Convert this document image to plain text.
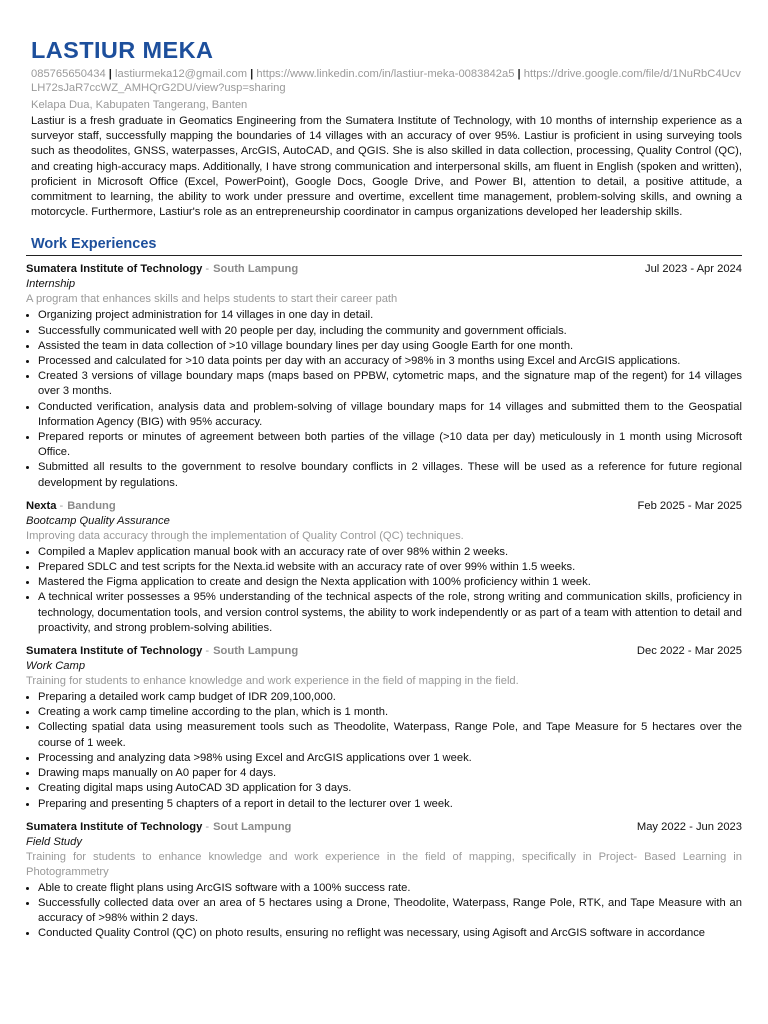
LASTIUR MEKA
085765650434 | lastiurmeka12@gmail.com | https://www.linkedin.com/in/lastiur-meka-0083842a5 | https://drive.google.com/file/d/1NuRbC4UcvLH72sJaR7ccWZ_AMHQrG2DU/view?usp=sharing
Kelapa Dua, Kabupaten Tangerang, Banten
Lastiur is a fresh graduate in Geomatics Engineering from the Sumatera Institute of Technology, with 10 months of internship experience as a surveyor staff, successfully mapping the boundaries of 14 villages with an accuracy of over 95%. Lastiur is proficient in using surveying tools such as theodolites, GNSS, waterpasses, ArcGIS, AutoCAD, and QGIS. She is also skilled in data collection, processing, Quality Control (QC), and creating high-accuracy maps. Additionally, I have strong communication and interpersonal skills, am fluent in English (spoken and written), proficient in Microsoft Office (Excel, PowerPoint), Google Docs, Google Drive, and Power BI, attention to detail, a positive attitude, a commitment to learning, the ability to work under pressure and overtime, excellent time management, problem-solving skills, and owning a motorcycle. Furthermore, Lastiur's role as an entrepreneurship coordinator in campus organizations developed her leadership skills.
Work Experiences
Sumatera Institute of Technology - South Lampung	Jul 2023 - Apr 2024
Internship
A program that enhances skills and helps students to start their career path
• Organizing project administration for 14 villages in one day in detail.
• Successfully communicated well with 20 people per day, including the community and government officials.
• Assisted the team in data collection of >10 village boundary lines per day using Google Earth for one month.
• Processed and calculated for >10 data points per day with an accuracy of >98% in 3 months using Excel and ArcGIS applications.
• Created 3 versions of village boundary maps (maps based on PPBW, cytometric maps, and the signature map of the regent) for 14 villages over 3 months.
• Conducted verification, analysis data and problem-solving of village boundary maps for 14 villages and submitted them to the Geospatial Information Agency (BIG) with 95% accuracy.
• Prepared reports or minutes of agreement between both parties of the village (>10 data per day) meticulously in 1 month using Microsoft Office.
• Submitted all results to the government to resolve boundary conflicts in 2 villages. These will be used as a reference for future regional development by regulations.
Nexta - Bandung	Feb 2025 - Mar 2025
Bootcamp Quality Assurance
Improving data accuracy through the implementation of Quality Control (QC) techniques.
• Compiled a Maplev application manual book with an accuracy rate of over 98% within 2 weeks.
• Prepared SDLC and test scripts for the Nexta.id website with an accuracy rate of over 99% within 1.5 weeks.
• Mastered the Figma application to create and design the Nexta application with 100% proficiency within 1 week.
• A technical writer possesses a 95% understanding of the technical aspects of the role, strong writing and communication skills, proficiency in technology, documentation tools, and version control systems, the ability to work independently or as part of a team with attention to detail and proactivity, and strong problem-solving abilities.
Sumatera Institute of Technology - South Lampung	Dec 2022 - Mar 2025
Work Camp
Training for students to enhance knowledge and work experience in the field of mapping in the field.
• Preparing a detailed work camp budget of IDR 209,100,000.
• Creating a work camp timeline according to the plan, which is 1 month.
• Collecting spatial data using measurement tools such as Theodolite, Waterpass, Range Pole, and Tape Measure for 5 hectares over the course of 1 week.
• Processing and analyzing data >98% using Excel and ArcGIS applications over 1 week.
• Drawing maps manually on A0 paper for 4 days.
• Creating digital maps using AutoCAD 3D application for 3 days.
• Preparing and presenting 5 chapters of a report in detail to the lecturer over 1 week.
Sumatera Institute of Technology - Sout Lampung	May 2022 - Jun 2023
Field Study
Training for students to enhance knowledge and work experience in the field of mapping, specifically in Project- Based Learning in Photogrammetry
• Able to create flight plans using ArcGIS software with a 100% success rate.
• Successfully collected data over an area of 5 hectares using a Drone, Theodolite, Waterpass, Range Pole, RTK, and Tape Measure with an accuracy of >98% within 2 days.
• Conducted Quality Control (QC) on photo results, ensuring no reflight was necessary, using Agisoft and ArcGIS software in accordance
